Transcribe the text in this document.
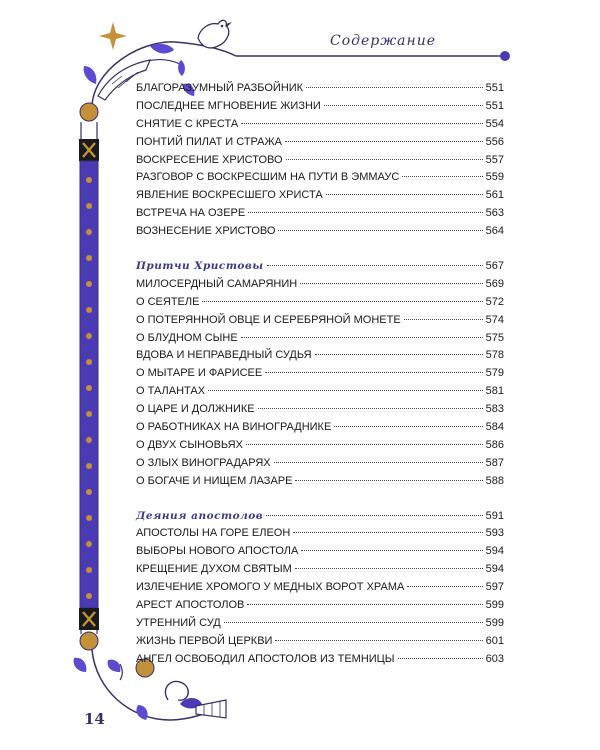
Содержание
14
БЛАГОРАЗУМНЫЙ РАЗБОЙНИК	551
ПОСЛЕДНЕЕ МГНОВЕНИЕ ЖИЗНИ	551
СНЯТИЕ С КРЕСТА	554
ПОНТИЙ ПИЛАТ И СТРАЖА	556
ВОСКРЕСЕНИЕ ХРИСТОВО	557
РАЗГОВОР С ВОСКРЕСШИМ НА ПУТИ В ЭММАУС	559
ЯВЛЕНИЕ ВОСКРЕСШЕГО ХРИСТА	561
ВСТРЕЧА НА ОЗЕРЕ	563
ВОЗНЕСЕНИЕ ХРИСТОВО	564
Притчи Христовы	567
МИЛОСЕРДНЫЙ САМАРЯНИН	569
О СЕЯТЕЛЕ	572
О ПОТЕРЯННОЙ ОВЦЕ И СЕРЕБРЯНОЙ МОНЕТЕ	574
О БЛУДНОМ СЫНЕ	575
ВДОВА И НЕПРАВЕДНЫЙ СУДЬЯ	578
О МЫТАРЕ И ФАРИСЕЕ	579
О ТАЛАНТАХ	581
О ЦАРЕ И ДОЛЖНИКЕ	583
О РАБОТНИКАХ НА ВИНОГРАДНИКЕ	584
О ДВУХ СЫНОВЬЯХ	586
О ЗЛЫХ ВИНОГРАДАРЯХ	587
О БОГАЧЕ И НИЩЕМ ЛАЗАРЕ	588
Деяния апостолов	591
АПОСТОЛЫ НА ГОРЕ ЕЛЕОН	593
ВЫБОРЫ НОВОГО АПОСТОЛА	594
КРЕЩЕНИЕ ДУХОМ СВЯТЫМ	594
ИЗЛЕЧЕНИЕ ХРОМОГО У МЕДНЫХ ВОРОТ ХРАМА	597
АРЕСТ АПОСТОЛОВ	599
УТРЕННИЙ СУД	599
ЖИЗНЬ ПЕРВОЙ ЦЕРКВИ	601
АНГЕЛ ОСВОБОДИЛ АПОСТОЛОВ ИЗ ТЕМНИЦЫ	603
